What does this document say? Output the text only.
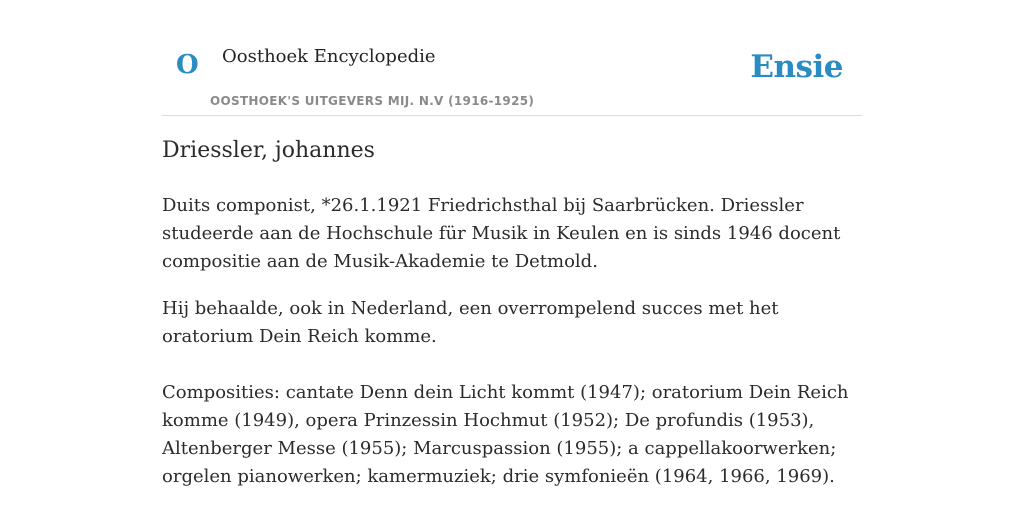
O Oosthoek Encyclopedie
OOSTHOEK'S UITGEVERS MIJ. N.V (1916-1925)
Ensie
Driessler, johannes

Duits componist, *26.1.1921 Friedrichsthal bij Saarbrücken. Driessler studeerde aan de Hochschule für Musik in Keulen en is sinds 1946 docent compositie aan de Musik-Akademie te Detmold.

Hij behaalde, ook in Nederland, een overrompelend succes met het oratorium Dein Reich komme.

Composities: cantate Denn dein Licht kommt (1947); oratorium Dein Reich komme (1949), opera Prinzessin Hochmut (1952); De profundis (1953), Altenberger Messe (1955); Marcuspassion (1955); a cappellakoorwerken; orgelen pianowerken; kamermuziek; drie symfonieën (1964, 1966, 1969).
